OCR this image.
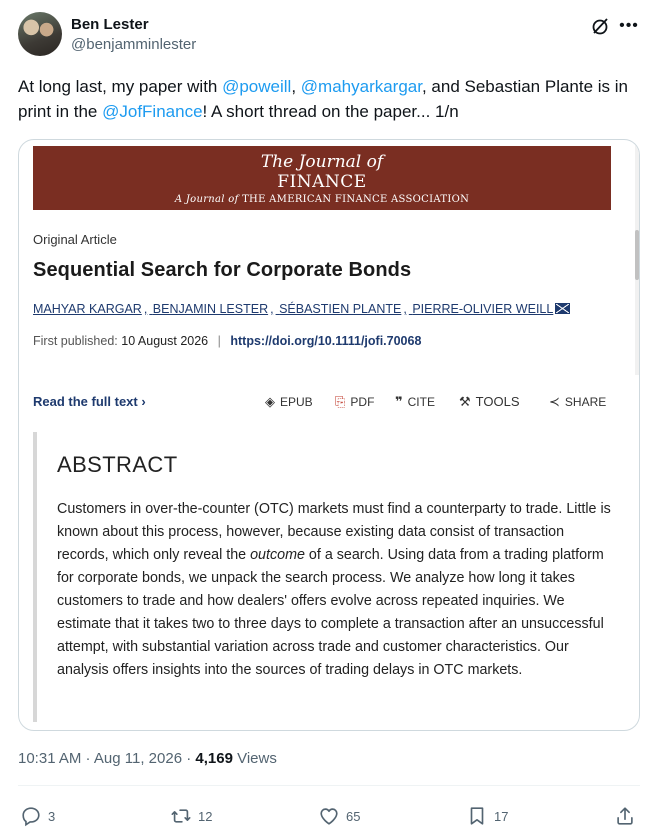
Ben Lester
@benjamminlester
•••
At long last, my paper with @poweill, @mahyarkargar, and Sebastian Plante is in print in the @JofFinance! A short thread on the paper... 1/n
The Journal of
FINANCE
A Journal of THE AMERICAN FINANCE ASSOCIATION
Original Article
Sequential Search for Corporate Bonds
MAHYAR KARGAR , BENJAMIN LESTER , SÉBASTIEN PLANTE , PIERRE-OLIVIER WEILL
First published: 10 August 2026 | https://doi.org/10.1111/jofi.70068
Read the full text ›	◈ EPUB ⎘ PDF ❞ CITE ⚒ TOOLS ≺ SHARE
ABSTRACT
Customers in over-the-counter (OTC) markets must find a counterparty to trade. Little is known about this process, however, because existing data consist of transaction records, which only reveal the outcome of a search. Using data from a trading platform for corporate bonds, we unpack the search process. We analyze how long it takes customers to trade and how dealers' offers evolve across repeated inquiries. We estimate that it takes two to three days to complete a transaction after an unsuccessful attempt, with substantial variation across trade and customer characteristics. Our analysis offers insights into the sources of trading delays in OTC markets.
10:31 AM · Aug 11, 2026 · 4,169 Views
3	12	65	17
